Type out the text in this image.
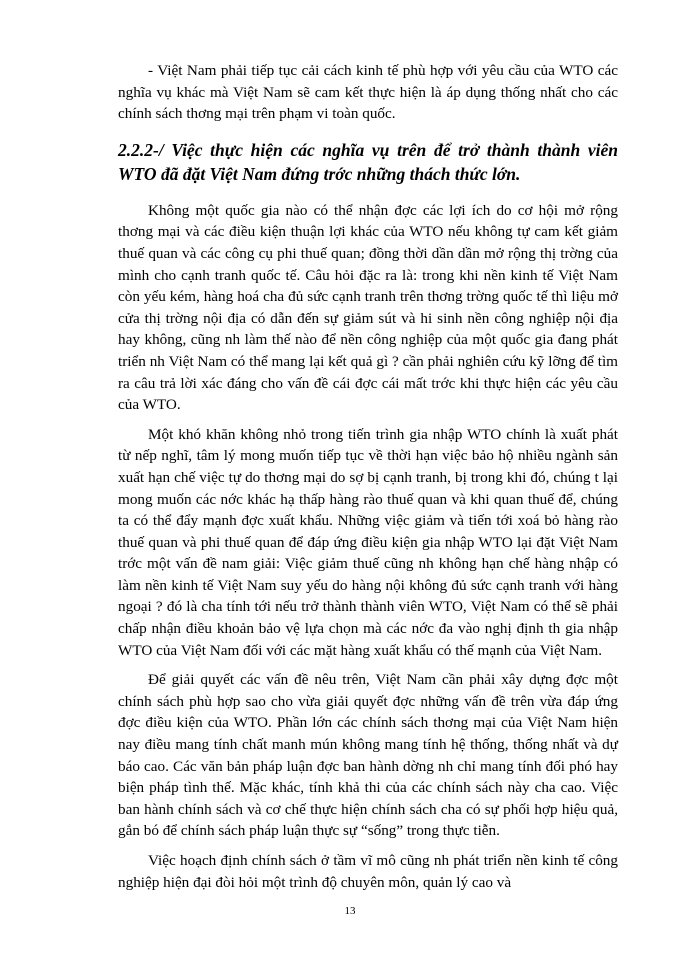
- Việt Nam phải tiếp tục cải cách kinh tế phù hợp với yêu cầu của WTO các nghĩa vụ khác mà Việt Nam sẽ cam kết thực hiện là áp dụng thống nhất cho các chính sách thơng mại trên phạm vi toàn quốc.

2.2.2-/ Việc thực hiện các nghĩa vụ trên để trở thành thành viên WTO đã đặt Việt Nam đứng trớc những thách thức lớn.

Không một quốc gia nào có thể nhận đợc các lợi ích do cơ hội mở rộng thơng mại và các điều kiện thuận lợi khác của WTO nếu không tự cam kết giảm thuế quan và các công cụ phi thuế quan; đồng thời dần dần mở rộng thị trờng của mình cho cạnh tranh quốc tế. Câu hỏi đặc ra là: trong khi nền kinh tế Việt Nam còn yếu kém, hàng hoá cha đủ sức cạnh tranh trên thơng trờng quốc tế thì liệu mở cửa thị trờng nội địa có dẫn đến sự giảm sút và hi sinh nền công nghiệp nội địa hay không, cũng nh làm thế nào để nền công nghiệp của một quốc gia đang phát triển nh Việt Nam có thể mang lại kết quả gì ? cần phải nghiên cứu kỹ lỡng để tìm ra câu trả lời xác đáng cho vấn đề cái đợc cái mất trớc khi thực hiện các yêu cầu của WTO.

Một khó khăn không nhỏ trong tiến trình gia nhập WTO chính là xuất phát từ nếp nghĩ, tâm lý mong muốn tiếp tục về thời hạn việc bảo hộ nhiều ngành sản xuất hạn chế việc tự do thơng mại do sợ bị cạnh tranh, bị trong khi đó, chúng t lại mong muốn các nớc khác hạ thấp hàng rào thuế quan và khi quan thuế để, chúng ta có thể đẩy mạnh đợc xuất khẩu. Những việc giảm và tiến tới xoá bỏ hàng rào thuế quan và phi thuế quan để đáp ứng điều kiện gia nhập WTO lại đặt Việt Nam trớc một vấn đề nam giải: Việc giảm thuế cũng nh không hạn chế hàng nhập có làm nền kinh tế Việt Nam suy yếu do hàng nội không đủ sức cạnh tranh với hàng ngoại ? đó là cha tính tới nếu trở thành thành viên WTO, Việt Nam có thể sẽ phải chấp nhận điều khoản bảo vệ lựa chọn mà các nớc đa vào nghị định th gia nhập WTO của Việt Nam đối với các mặt hàng xuất khẩu có thế mạnh của Việt Nam.

Để giải quyết các vấn đề nêu trên, Việt Nam cần phải xây dựng đợc một chính sách phù hợp sao cho vừa giải quyết đợc những vấn đề trên vừa đáp ứng đợc điều kiện của WTO. Phần lớn các chính sách thơng mại của Việt Nam hiện nay điều mang tính chất manh mún không mang tính hệ thống, thống nhất và dự báo cao. Các văn bản pháp luận đợc ban hành dờng nh chỉ mang tính đối phó hay biện pháp tình thế. Mặc khác, tính khả thi của các chính sách này cha cao. Việc ban hành chính sách và cơ chế thực hiện chính sách cha có sự phối hợp hiệu quả, gắn bó để chính sách pháp luận thực sự “sống” trong thực tiễn.

Việc hoạch định chính sách ở tầm vĩ mô cũng nh phát triển nền kinh tế công nghiệp hiện đại đòi hỏi một trình độ chuyên môn, quản lý cao và

13
